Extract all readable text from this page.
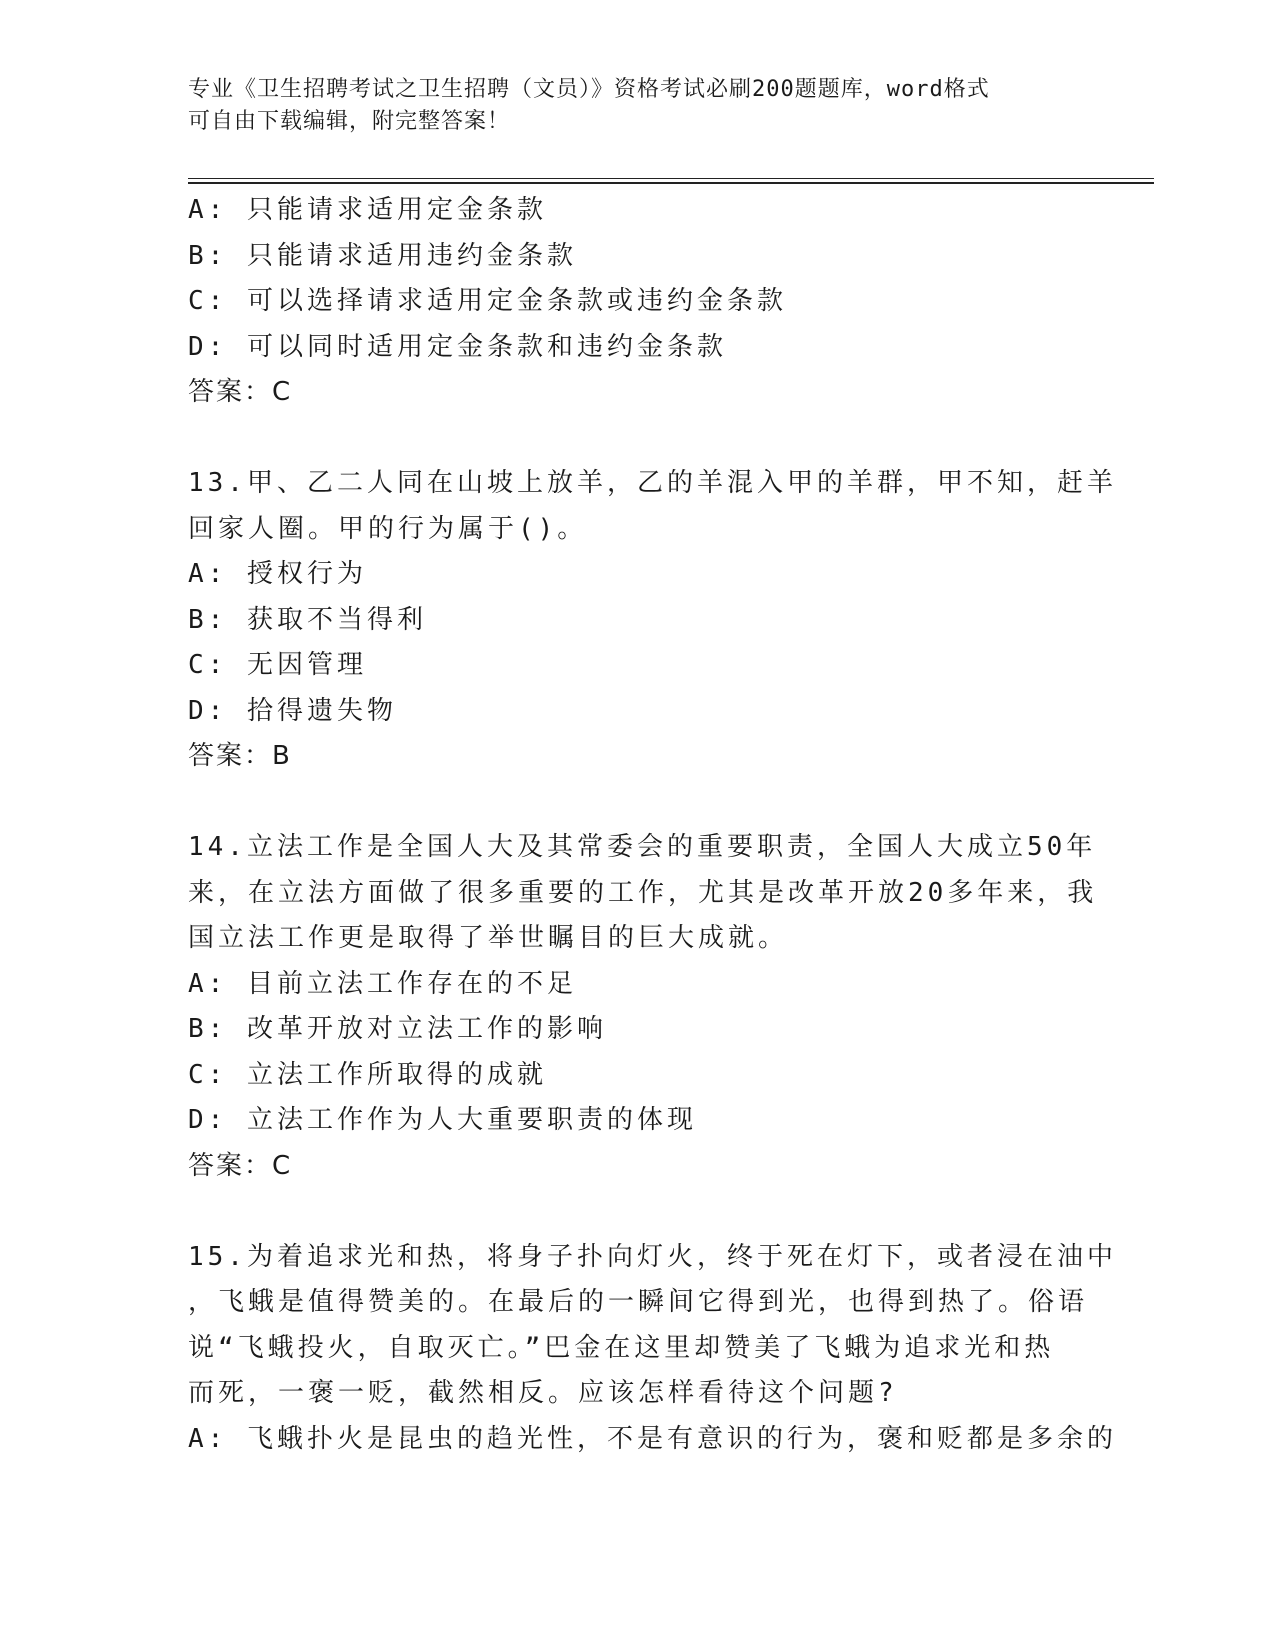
专业《卫生招聘考试之卫生招聘（文员）》资格考试必刷200题题库，word格式
可自由下载编辑，附完整答案！
A: 只能请求适用定金条款
B: 只能请求适用违约金条款
C: 可以选择请求适用定金条款或违约金条款
D: 可以同时适用定金条款和违约金条款
答案：C
13.甲、乙二人同在山坡上放羊，乙的羊混入甲的羊群，甲不知，赶羊
回家人圈。甲的行为属于()。
A: 授权行为
B: 获取不当得利
C: 无因管理
D: 拾得遗失物
答案：B
14.立法工作是全国人大及其常委会的重要职责，全国人大成立50年
来，在立法方面做了很多重要的工作，尤其是改革开放20多年来，我
国立法工作更是取得了举世瞩目的巨大成就。
A: 目前立法工作存在的不足
B: 改革开放对立法工作的影响
C: 立法工作所取得的成就
D: 立法工作作为人大重要职责的体现
答案：C
15.为着追求光和热，将身子扑向灯火，终于死在灯下，或者浸在油中
，飞蛾是值得赞美的。在最后的一瞬间它得到光，也得到热了。俗语
说“飞蛾投火，自取灭亡。”巴金在这里却赞美了飞蛾为追求光和热
而死，一褒一贬，截然相反。应该怎样看待这个问题?
A: 飞蛾扑火是昆虫的趋光性，不是有意识的行为，褒和贬都是多余的
